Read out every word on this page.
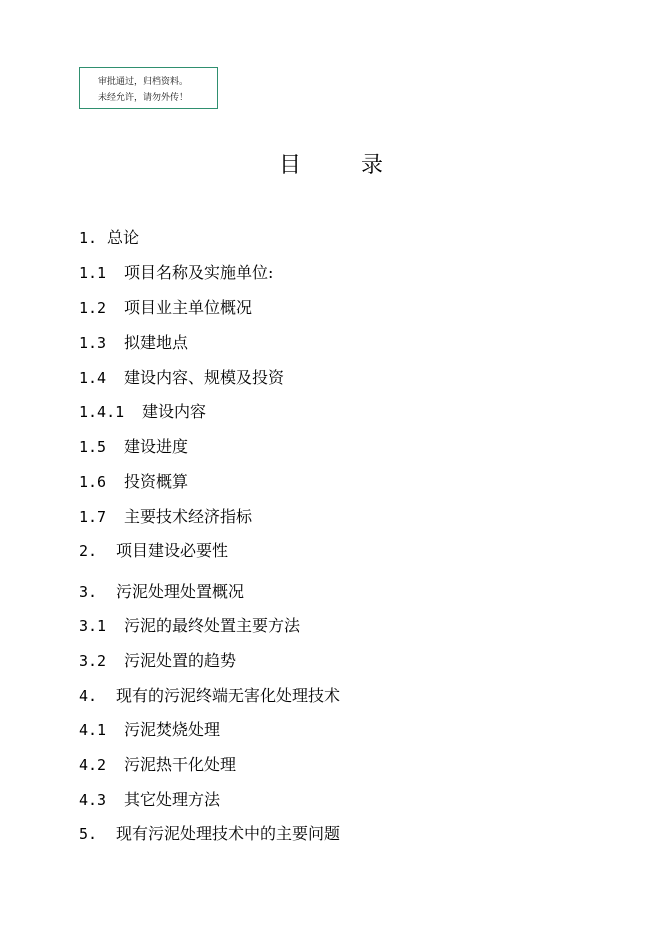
审批通过，归档资料。
未经允许，请勿外传！
目录
1. 总论
1.1 项目名称及实施单位:
1.2 项目业主单位概况
1.3 拟建地点
1.4 建设内容、规模及投资
1.4.1 建设内容
1.5 建设进度
1.6 投资概算
1.7 主要技术经济指标
2. 项目建设必要性
3. 污泥处理处置概况
3.1 污泥的最终处置主要方法
3.2 污泥处置的趋势
4. 现有的污泥终端无害化处理技术
4.1 污泥焚烧处理
4.2 污泥热干化处理
4.3 其它处理方法
5. 现有污泥处理技术中的主要问题
